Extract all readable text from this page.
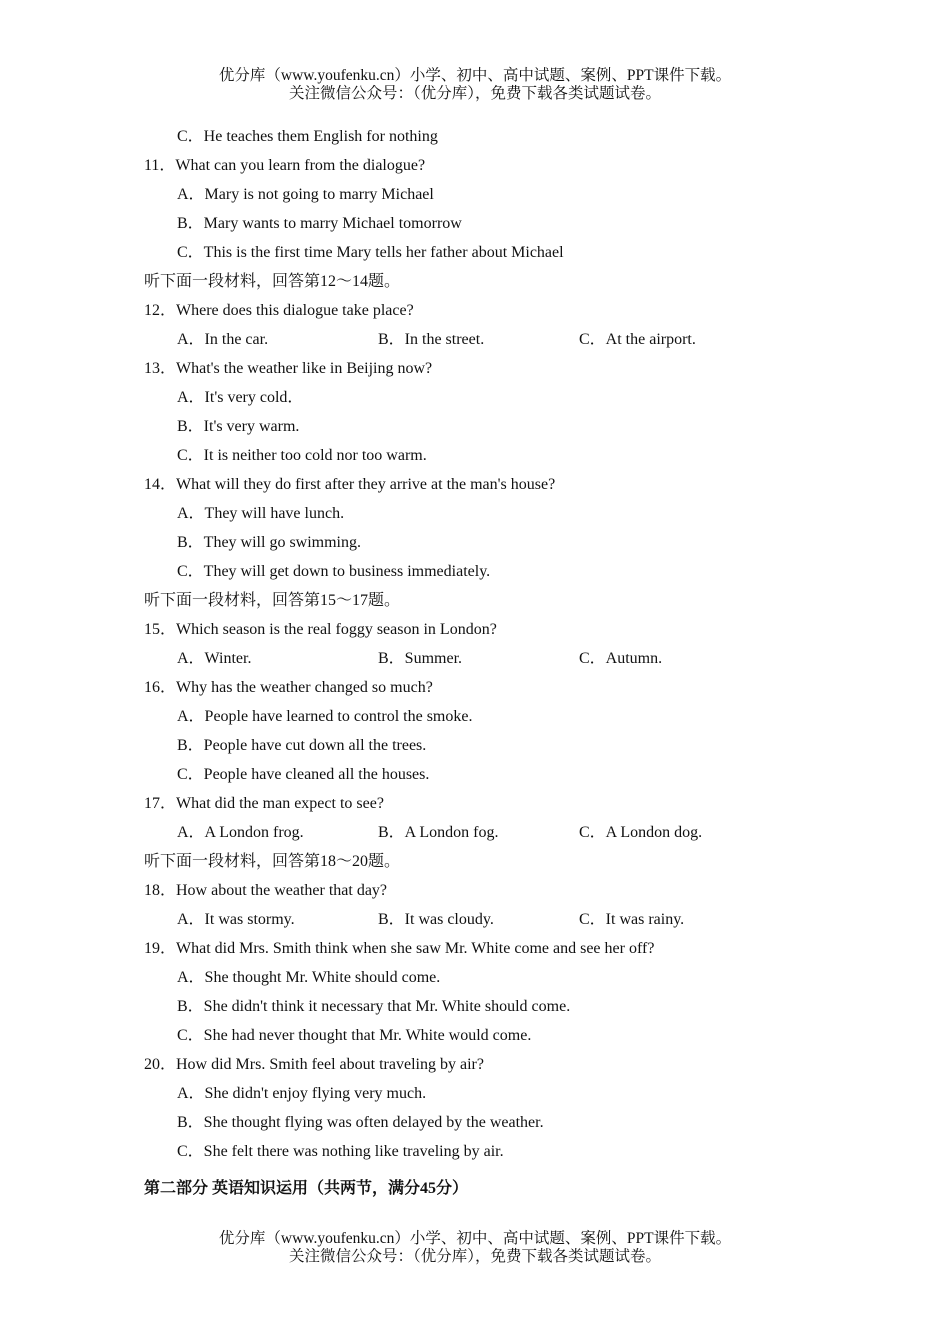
优分库（www.youfenku.cn）小学、初中、高中试题、案例、PPT课件下载。
关注微信公众号：（优分库），免费下载各类试题试卷。
C．He teaches them English for nothing
11．What can you learn from the dialogue?
A．Mary is not going to marry Michael
B．Mary wants to marry Michael tomorrow
C．This is the first time Mary tells her father about Michael
听下面一段材料，回答第12～14题。
12．Where does this dialogue take place?
A．In the car.	B．In the street.	C．At the airport.
13．What's the weather like in Beijing now?
A．It's very cold．
B．It's very warm.
C．It is neither too cold nor too warm.
14．What will they do first after they arrive at the man's house?
A．They will have lunch.
B．They will go swimming.
C．They will get down to business immediately.
听下面一段材料，回答第15～17题。
15．Which season is the real foggy season in London?
A．Winter.	B．Summer.	C．Autumn.
16．Why has the weather changed so much?
A．People have learned to control the smoke.
B．People have cut down all the trees.
C．People have cleaned all the houses.
17．What did the man expect to see?
A．A London frog.	B．A London fog.	C．A London dog.
听下面一段材料，回答第18～20题。
18．How about the weather that day?
A．It was stormy.	B．It was cloudy.	C．It was rainy.
19．What did Mrs. Smith think when she saw Mr. White come and see her off?
A．She thought Mr. White should come.
B．She didn't think it necessary that Mr. White should come.
C．She had never thought that Mr. White would come.
20．How did Mrs. Smith feel about traveling by air?
A．She didn't enjoy flying very much.
B．She thought flying was often delayed by the weather.
C．She felt there was nothing like traveling by air.
第二部分 英语知识运用（共两节，满分45分）
优分库（www.youfenku.cn）小学、初中、高中试题、案例、PPT课件下载。
关注微信公众号：（优分库），免费下载各类试题试卷。
